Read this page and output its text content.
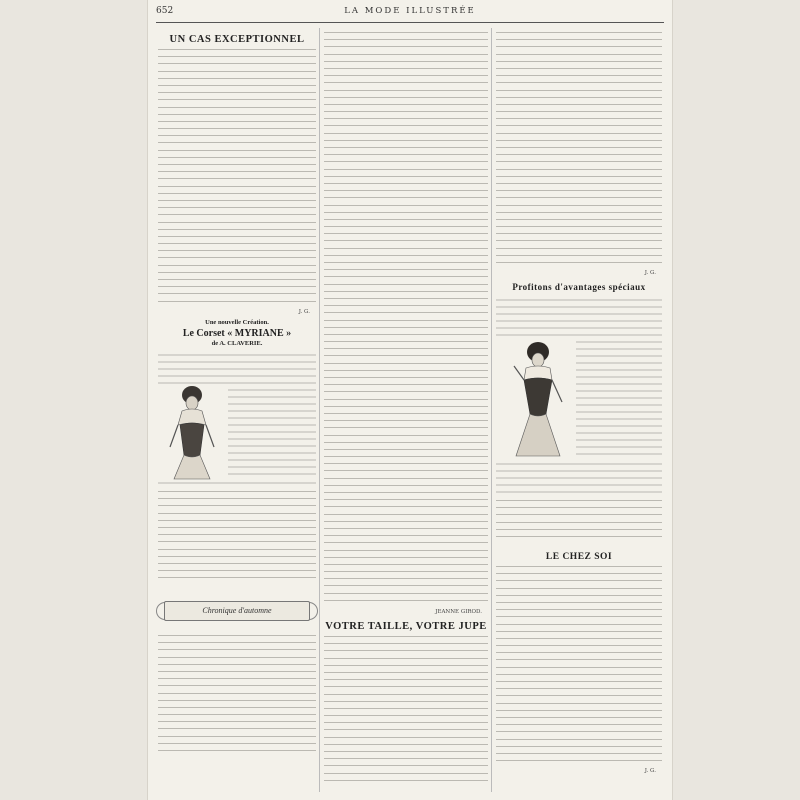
652	LA MODE ILLUSTRÉE
UN CAS EXCEPTIONNEL
J. G.
Une nouvelle Création.
Le Corset « MYRIANE »
de A. CLAVERIE.
Chronique d'automne	JEANNE GIROD.
VOTRE TAILLE, VOTRE JUPE
J. G.
Profitons d'avantages spéciaux
LE CHEZ SOI
J. G.
